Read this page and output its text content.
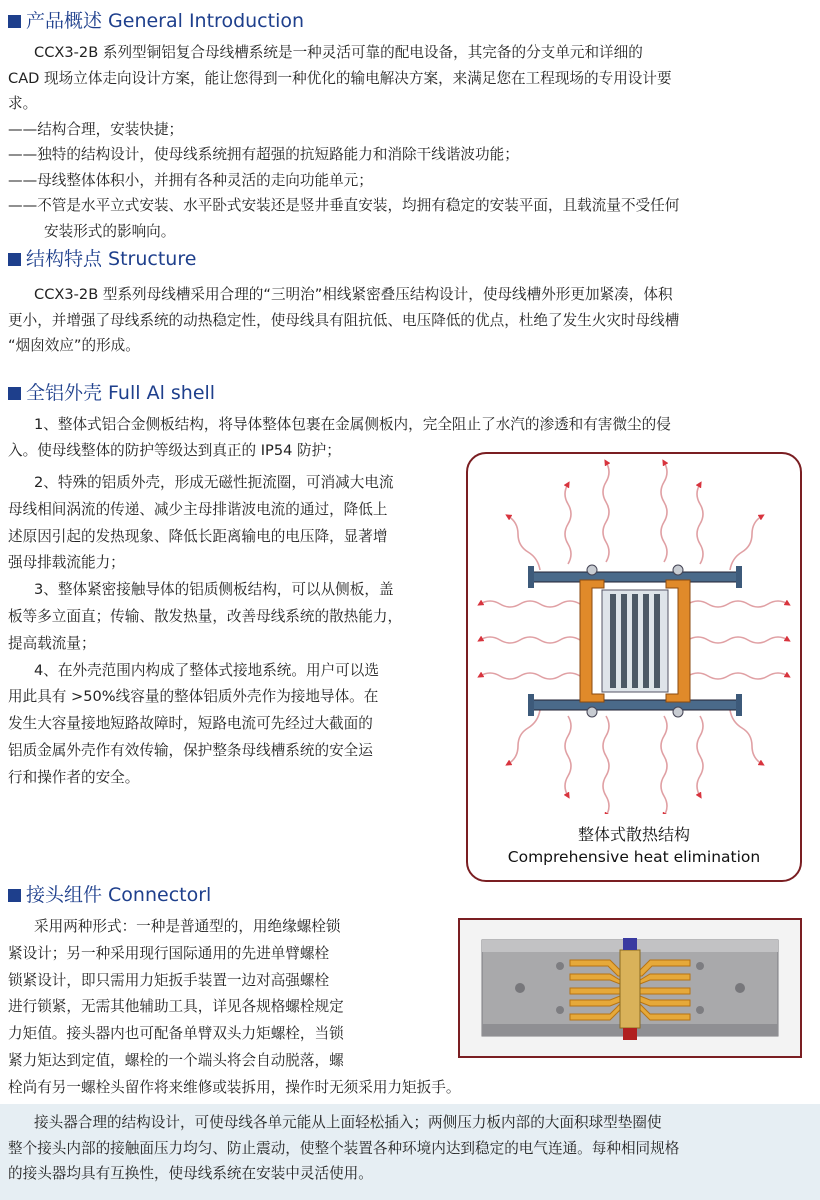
产品概述 General Introduction
CCX3-2B 系列型铜铝复合母线槽系统是一种灵活可靠的配电设备，其完备的分支单元和详细的
CAD 现场立体走向设计方案，能让您得到一种优化的输电解决方案，来满足您在工程现场的专用设计要
求。
——结构合理，安装快捷；
——独特的结构设计，使母线系统拥有超强的抗短路能力和消除干线谐波功能；
——母线整体体积小，并拥有各种灵活的走向功能单元；
——不管是水平立式安装、水平卧式安装还是竖井垂直安装，均拥有稳定的安装平面，且载流量不受任何
安装形式的影响向。
结构特点 Structure
CCX3-2B 型系列母线槽采用合理的“三明治”相线紧密叠压结构设计，使母线槽外形更加紧凑，体积
更小，并增强了母线系统的动热稳定性，使母线具有阻抗低、电压降低的优点，杜绝了发生火灾时母线槽
“烟囱效应”的形成。
全铝外壳 Full Al shell
1、整体式铝合金侧板结构，将导体整体包裹在金属侧板内，完全阻止了水汽的渗透和有害微尘的侵
入。使母线整体的防护等级达到真正的 IP54 防护；
2、特殊的铝质外壳，形成无磁性扼流圈，可消减大电流
母线相间涡流的传递、减少主母排谐波电流的通过，降低上
述原因引起的发热现象、降低长距离输电的电压降，显著增
强母排载流能力；
3、整体紧密接触导体的铝质侧板结构，可以从侧板，盖
板等多立面直；传输、散发热量，改善母线系统的散热能力，
提高载流量；
4、在外壳范围内构成了整体式接地系统。用户可以选
用此具有 >50%线容量的整体铝质外壳作为接地导体。在
发生大容量接地短路故障时，短路电流可先经过大截面的
铝质金属外壳作有效传输，保护整条母线槽系统的安全运
行和操作者的安全。
整体式散热结构
Comprehensive heat elimination
接头组件 Connectorl
采用两种形式：一种是普通型的，用绝缘螺栓锁
紧设计；另一种采用现行国际通用的先进单臂螺栓
锁紧设计，即只需用力矩扳手装置一边对高强螺栓
进行锁紧，无需其他辅助工具，详见各规格螺栓规定
力矩值。接头器内也可配备单臂双头力矩螺栓，当锁
紧力矩达到定值，螺栓的一个端头将会自动脱落，螺
栓尚有另一螺栓头留作将来维修或装拆用，操作时无须采用力矩扳手。
接头器合理的结构设计，可使母线各单元能从上面轻松插入；两侧压力板内部的大面积球型垫圈使
整个接头内部的接触面压力均匀、防止震动，使整个装置各种环境内达到稳定的电气连通。每种相同规格
的接头器均具有互换性，使母线系统在安装中灵活使用。
